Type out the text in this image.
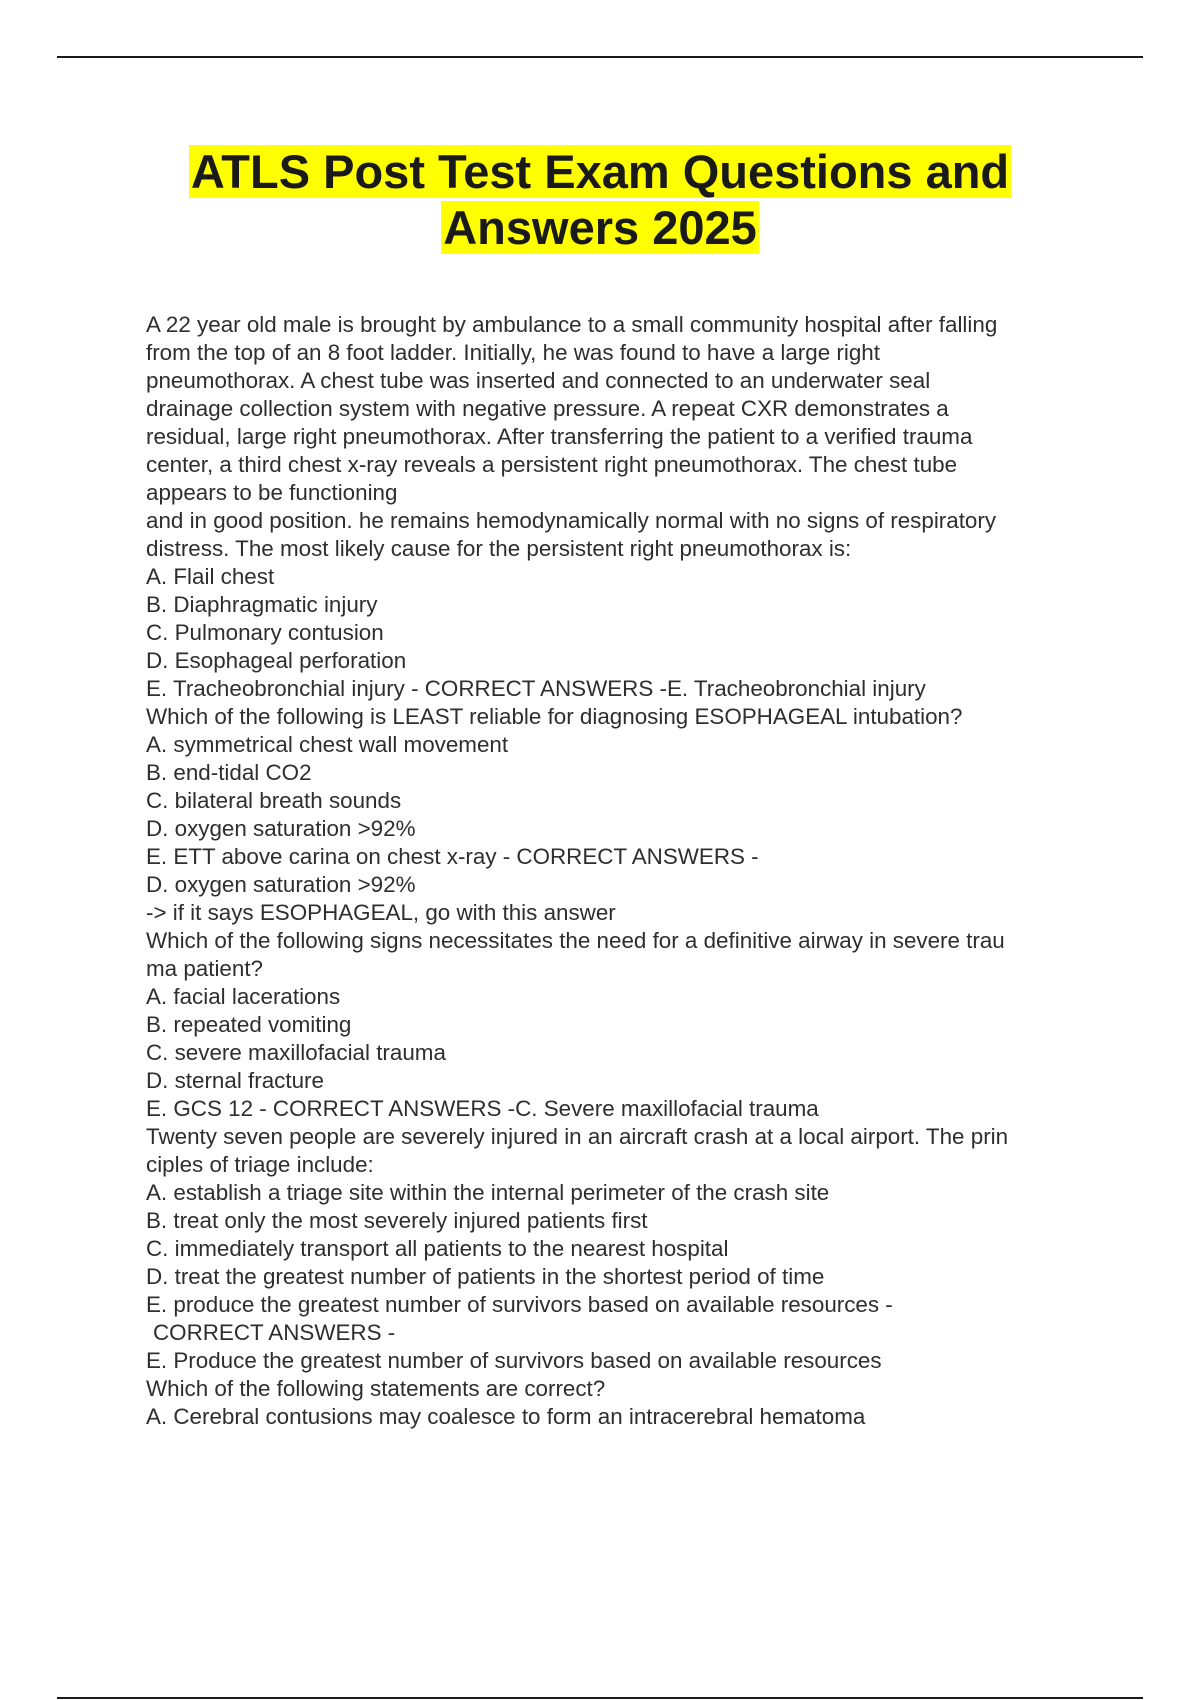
ATLS Post Test Exam Questions and
Answers 2025
A 22 year old male is brought by ambulance to a small community hospital after falling
from the top of an 8 foot ladder. Initially, he was found to have a large right
pneumothorax. A chest tube was inserted and connected to an underwater seal
drainage collection system with negative pressure. A repeat CXR demonstrates a
residual, large right pneumothorax. After transferring the patient to a verified trauma
center, a third chest x-ray reveals a persistent right pneumothorax. The chest tube
appears to be functioning
and in good position. he remains hemodynamically normal with no signs of respiratory
distress. The most likely cause for the persistent right pneumothorax is:
A. Flail chest
B. Diaphragmatic injury
C. Pulmonary contusion
D. Esophageal perforation
E. Tracheobronchial injury - CORRECT ANSWERS -E. Tracheobronchial injury
Which of the following is LEAST reliable for diagnosing ESOPHAGEAL intubation?
A. symmetrical chest wall movement
B. end-tidal CO2
C. bilateral breath sounds
D. oxygen saturation >92%
E. ETT above carina on chest x-ray - CORRECT ANSWERS -
D. oxygen saturation >92%
-> if it says ESOPHAGEAL, go with this answer
Which of the following signs necessitates the need for a definitive airway in severe trau
ma patient?
A. facial lacerations
B. repeated vomiting
C. severe maxillofacial trauma
D. sternal fracture
E. GCS 12 - CORRECT ANSWERS -C. Severe maxillofacial trauma
Twenty seven people are severely injured in an aircraft crash at a local airport. The prin
ciples of triage include:
A. establish a triage site within the internal perimeter of the crash site
B. treat only the most severely injured patients first
C. immediately transport all patients to the nearest hospital
D. treat the greatest number of patients in the shortest period of time
E. produce the greatest number of survivors based on available resources -
CORRECT ANSWERS -
E. Produce the greatest number of survivors based on available resources
Which of the following statements are correct?
A. Cerebral contusions may coalesce to form an intracerebral hematoma
